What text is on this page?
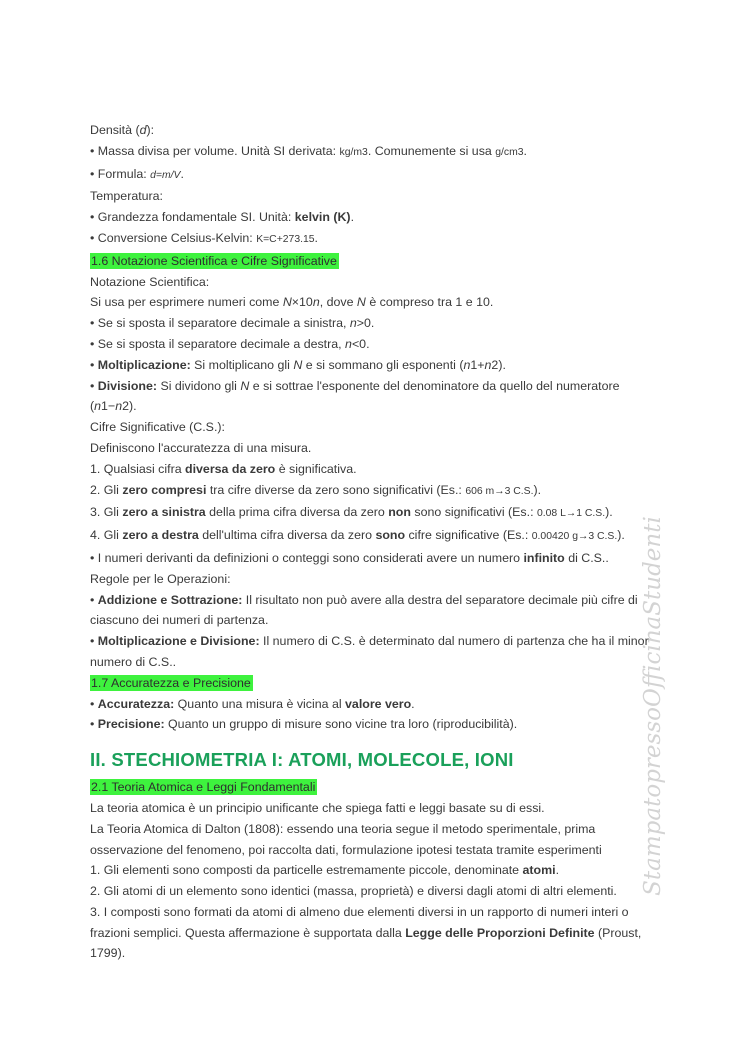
StampatopressoOfficinaStudenti
Densità (d):
• Massa divisa per volume. Unità SI derivata: kg/m3. Comunemente si usa g/cm3.
• Formula: d=m/V.
Temperatura:
• Grandezza fondamentale SI. Unità: kelvin (K).
• Conversione Celsius-Kelvin: K=C+273.15.
1.6 Notazione Scientifica e Cifre Significative
Notazione Scientifica:
Si usa per esprimere numeri come N×10n, dove N è compreso tra 1 e 10.
• Se si sposta il separatore decimale a sinistra, n>0.
• Se si sposta il separatore decimale a destra, n<0.
• Moltiplicazione: Si moltiplicano gli N e si sommano gli esponenti (n1+n2).
• Divisione: Si dividono gli N e si sottrae l'esponente del denominatore da quello del numeratore (n1−n2).
Cifre Significative (C.S.):
Definiscono l'accuratezza di una misura.
1. Qualsiasi cifra diversa da zero è significativa.
2. Gli zero compresi tra cifre diverse da zero sono significativi (Es.: 606 m→3 C.S.).
3. Gli zero a sinistra della prima cifra diversa da zero non sono significativi (Es.: 0.08 L→1 C.S.).
4. Gli zero a destra dell'ultima cifra diversa da zero sono cifre significative (Es.: 0.00420 g→3 C.S.).
• I numeri derivanti da definizioni o conteggi sono considerati avere un numero infinito di C.S..
Regole per le Operazioni:
• Addizione e Sottrazione: Il risultato non può avere alla destra del separatore decimale più cifre di ciascuno dei numeri di partenza.
• Moltiplicazione e Divisione: Il numero di C.S. è determinato dal numero di partenza che ha il minor numero di C.S..
1.7 Accuratezza e Precisione
• Accuratezza: Quanto una misura è vicina al valore vero.
• Precisione: Quanto un gruppo di misure sono vicine tra loro (riproducibilità).
II. STECHIOMETRIA I: ATOMI, MOLECOLE, IONI
2.1 Teoria Atomica e Leggi Fondamentali
La teoria atomica è un principio unificante che spiega fatti e leggi basate su di essi.
La Teoria Atomica di Dalton (1808): essendo una teoria segue il metodo sperimentale, prima osservazione del fenomeno, poi raccolta dati, formulazione ipotesi testata tramite esperimenti
1. Gli elementi sono composti da particelle estremamente piccole, denominate atomi.
2. Gli atomi di un elemento sono identici (massa, proprietà) e diversi dagli atomi di altri elementi.
3. I composti sono formati da atomi di almeno due elementi diversi in un rapporto di numeri interi o frazioni semplici. Questa affermazione è supportata dalla Legge delle Proporzioni Definite (Proust, 1799).
